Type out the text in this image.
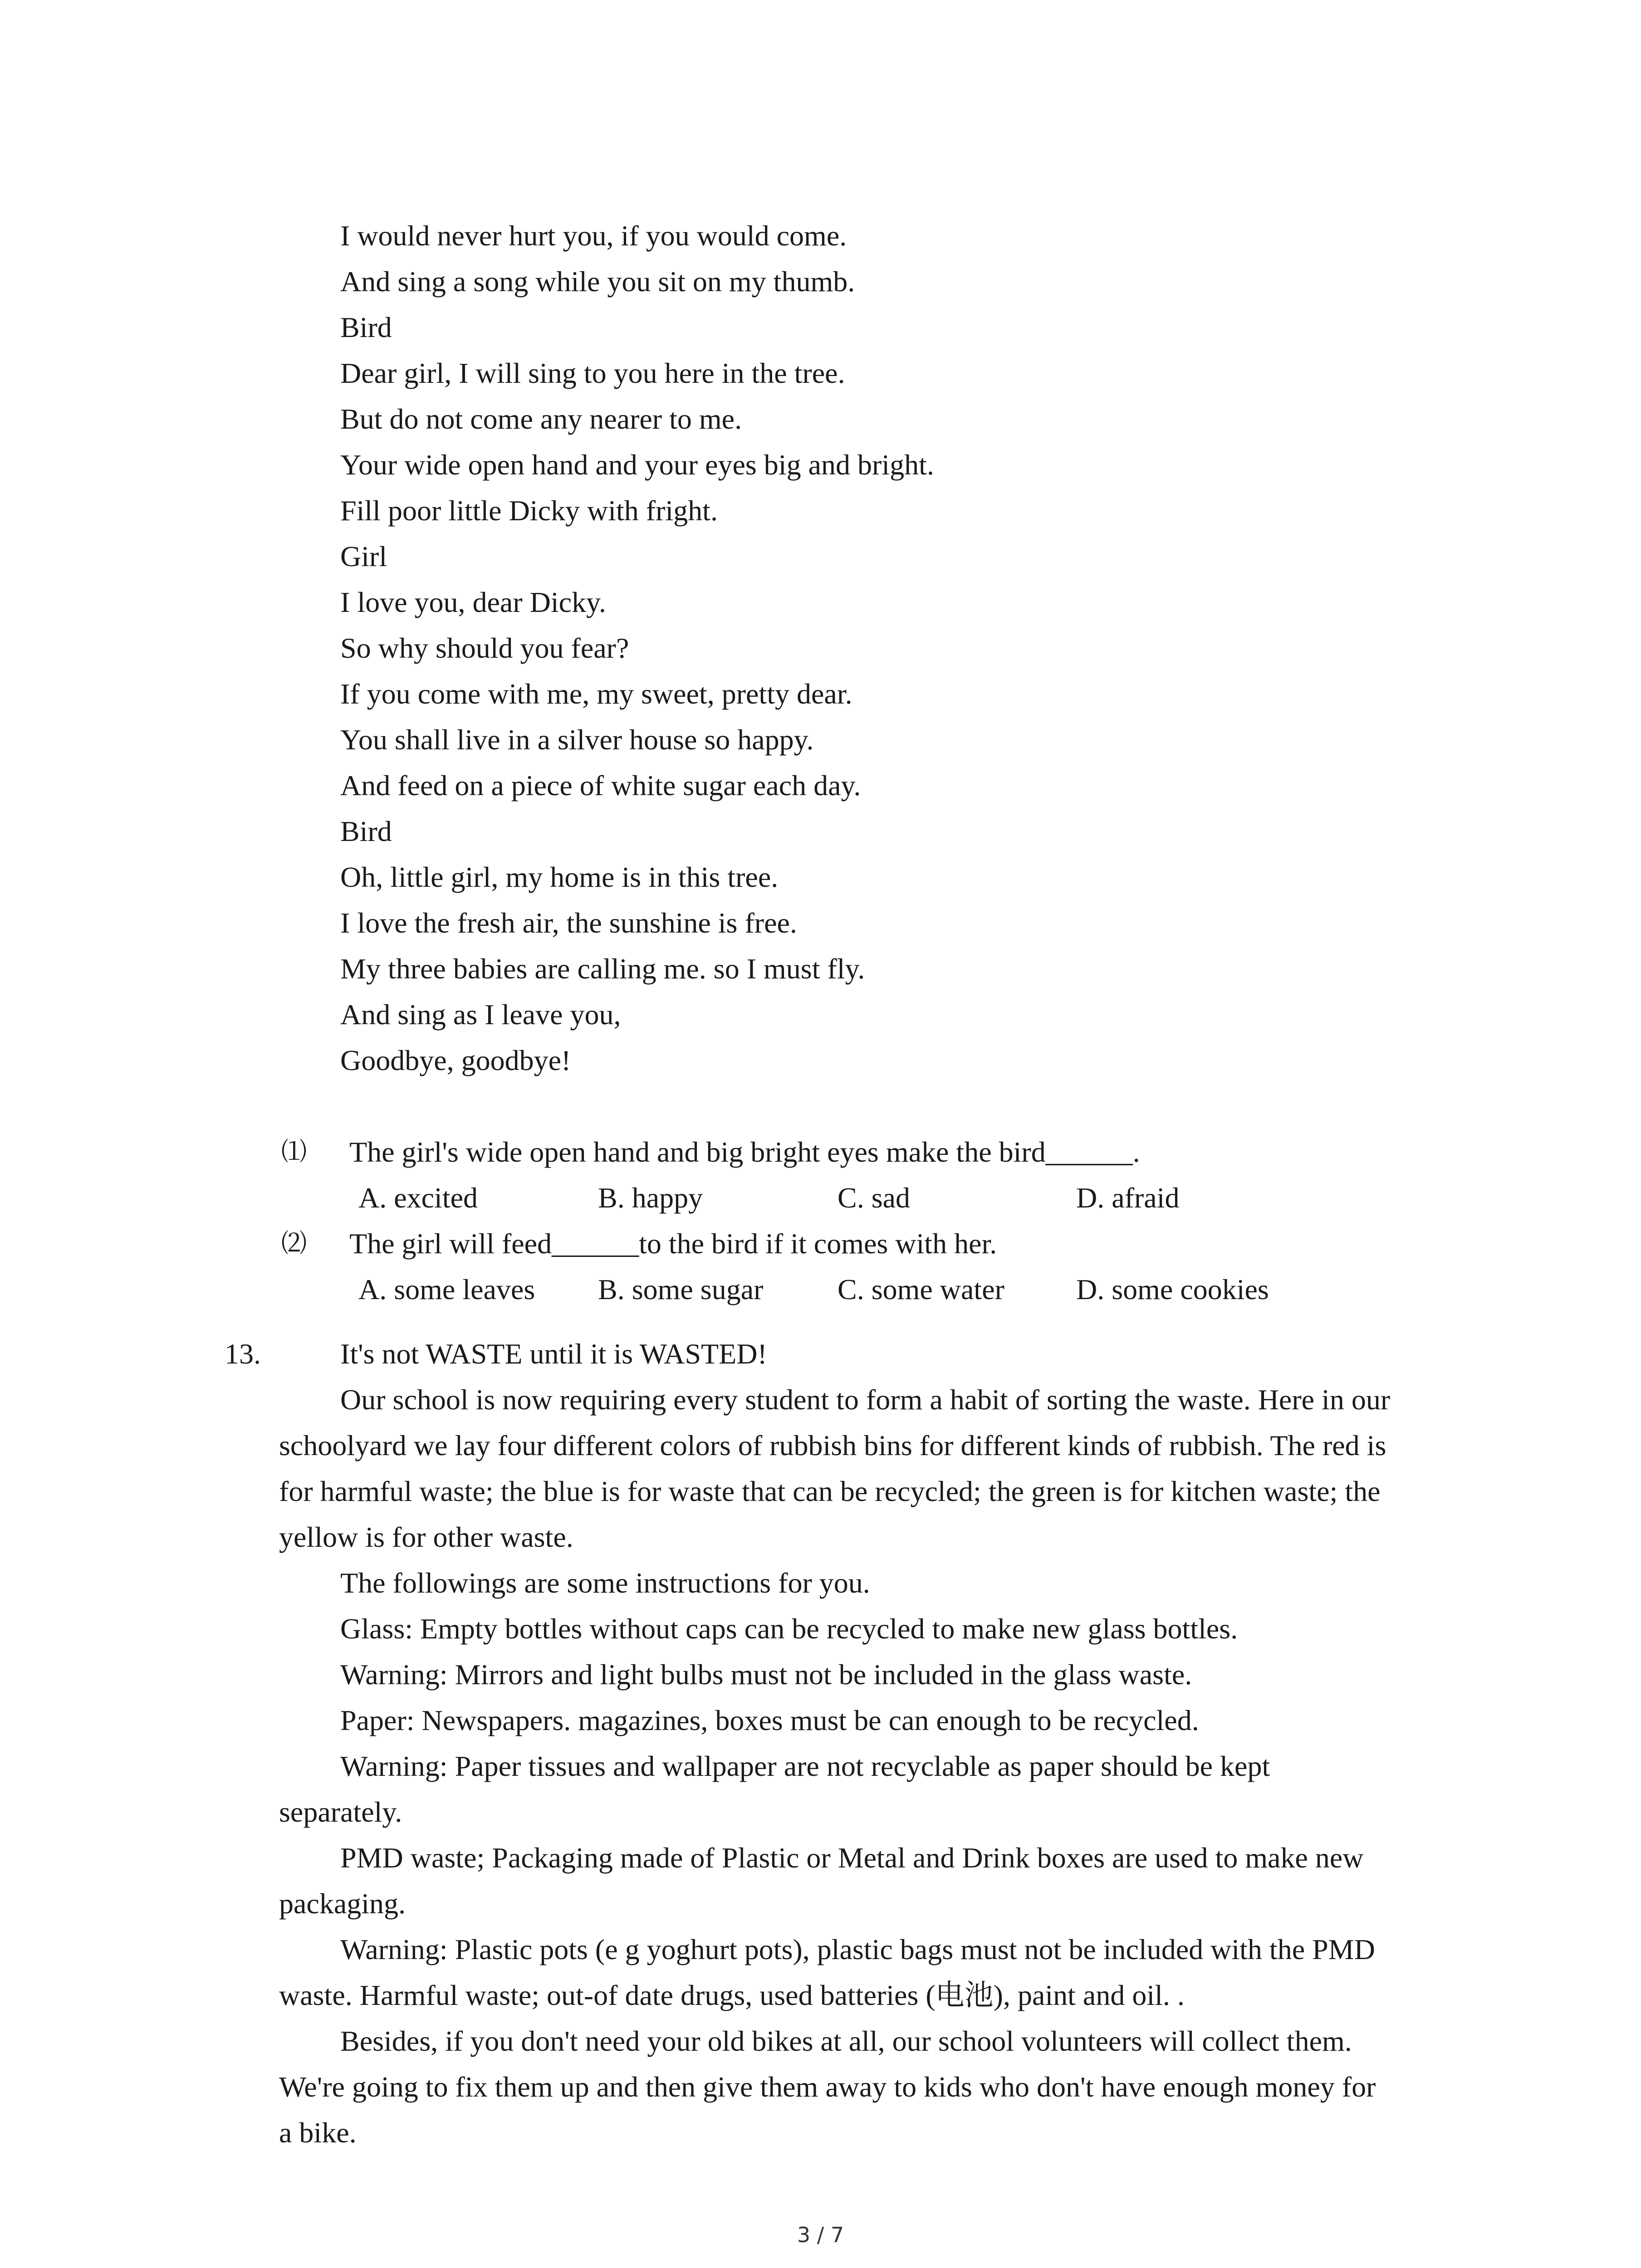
I would never hurt you, if you would come.
And sing a song while you sit on my thumb.
Bird
Dear girl, I will sing to you here in the tree.
But do not come any nearer to me.
Your wide open hand and your eyes big and bright.
Fill poor little Dicky with fright.
Girl
I love you, dear Dicky.
So why should you fear?
If you come with me, my sweet, pretty dear.
You shall live in a silver house so happy.
And feed on a piece of white sugar each day.
Bird
Oh, little girl, my home is in this tree.
I love the fresh air, the sunshine is free.
My three babies are calling me. so I must fly.
And sing as I leave you,
Goodbye, goodbye!
⑴ The girl's wide open hand and big bright eyes make the bird______.
A. excited	B. happy	C. sad	D. afraid
⑵ The girl will feed______to the bird if it comes with her.
A. some leaves B. some sugar	C. some water D. some cookies
13.	It's not WASTE until it is WASTED!
Our school is now requiring every student to form a habit of sorting the waste. Here in our
schoolyard we lay four different colors of rubbish bins for different kinds of rubbish. The red is
for harmful waste; the blue is for waste that can be recycled; the green is for kitchen waste; the
yellow is for other waste.
The followings are some instructions for you.
Glass: Empty bottles without caps can be recycled to make new glass bottles.
Warning: Mirrors and light bulbs must not be included in the glass waste.
Paper: Newspapers. magazines, boxes must be can enough to be recycled.
Warning: Paper tissues and wallpaper are not recyclable as paper should be kept
separately.
PMD waste; Packaging made of Plastic or Metal and Drink boxes are used to make new
packaging.
Warning: Plastic pots (e g yoghurt pots), plastic bags must not be included with the PMD
waste. Harmful waste; out-of date drugs, used batteries (电池), paint and oil. .
Besides, if you don't need your old bikes at all, our school volunteers will collect them.
We're going to fix them up and then give them away to kids who don't have enough money for
a bike.
3 / 7
